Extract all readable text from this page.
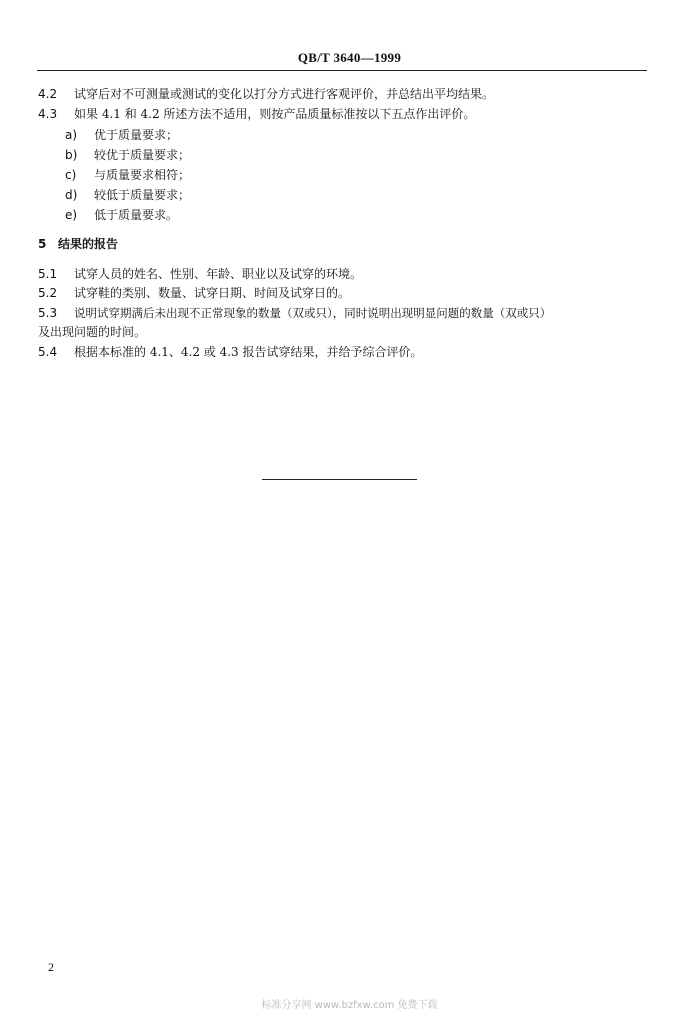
QB/T 3640—1999
4.2 试穿后对不可测量或测试的变化以打分方式进行客观评价，并总结出平均结果。
4.3 如果 4.1 和 4.2 所述方法不适用，则按产品质量标准按以下五点作出评价。
a) 优于质量要求；
b) 较优于质量要求；
c) 与质量要求相符；
d) 较低于质量要求；
e) 低于质量要求。
5 结果的报告
5.1 试穿人员的姓名、性别、年龄、职业以及试穿的环境。
5.2 试穿鞋的类别、数量、试穿日期、时间及试穿日的。
5.3 说明试穿期满后未出现不正常现象的数量（双或只），同时说明出现明显问题的数量（双或只）
及出现问题的时间。
5.4 根据本标准的 4.1、4.2 或 4.3 报告试穿结果，并给予综合评价。
2
标准分享网 www.bzfxw.com 免费下载
